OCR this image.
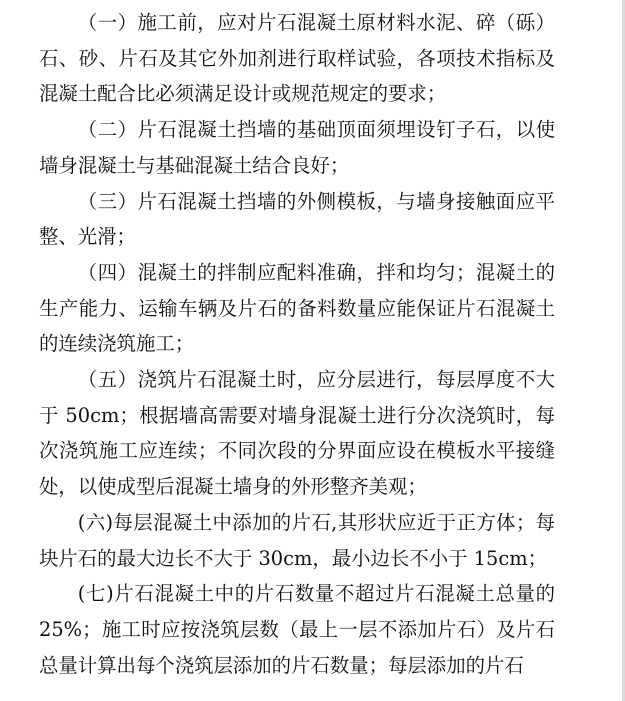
（一）施工前，应对片石混凝土原材料水泥、碎（砾）石、砂、片石及其它外加剂进行取样试验，各项技术指标及混凝土配合比必须满足设计或规范规定的要求；

（二）片石混凝土挡墙的基础顶面须埋设钉子石，以使墙身混凝土与基础混凝土结合良好；

（三）片石混凝土挡墙的外侧模板，与墙身接触面应平整、光滑；

（四）混凝土的拌制应配料准确，拌和均匀；混凝土的生产能力、运输车辆及片石的备料数量应能保证片石混凝土的连续浇筑施工；

（五）浇筑片石混凝土时，应分层进行，每层厚度不大于 50cm；根据墙高需要对墙身混凝土进行分次浇筑时，每次浇筑施工应连续；不同次段的分界面应设在模板水平接缝处，以使成型后混凝土墙身的外形整齐美观；

(六)每层混凝土中添加的片石,其形状应近于正方体；每块片石的最大边长不大于 30cm，最小边长不小于 15cm；

(七)片石混凝土中的片石数量不超过片石混凝土总量的 25%；施工时应按浇筑层数（最上一层不添加片石）及片石总量计算出每个浇筑层添加的片石数量；每层添加的片石
